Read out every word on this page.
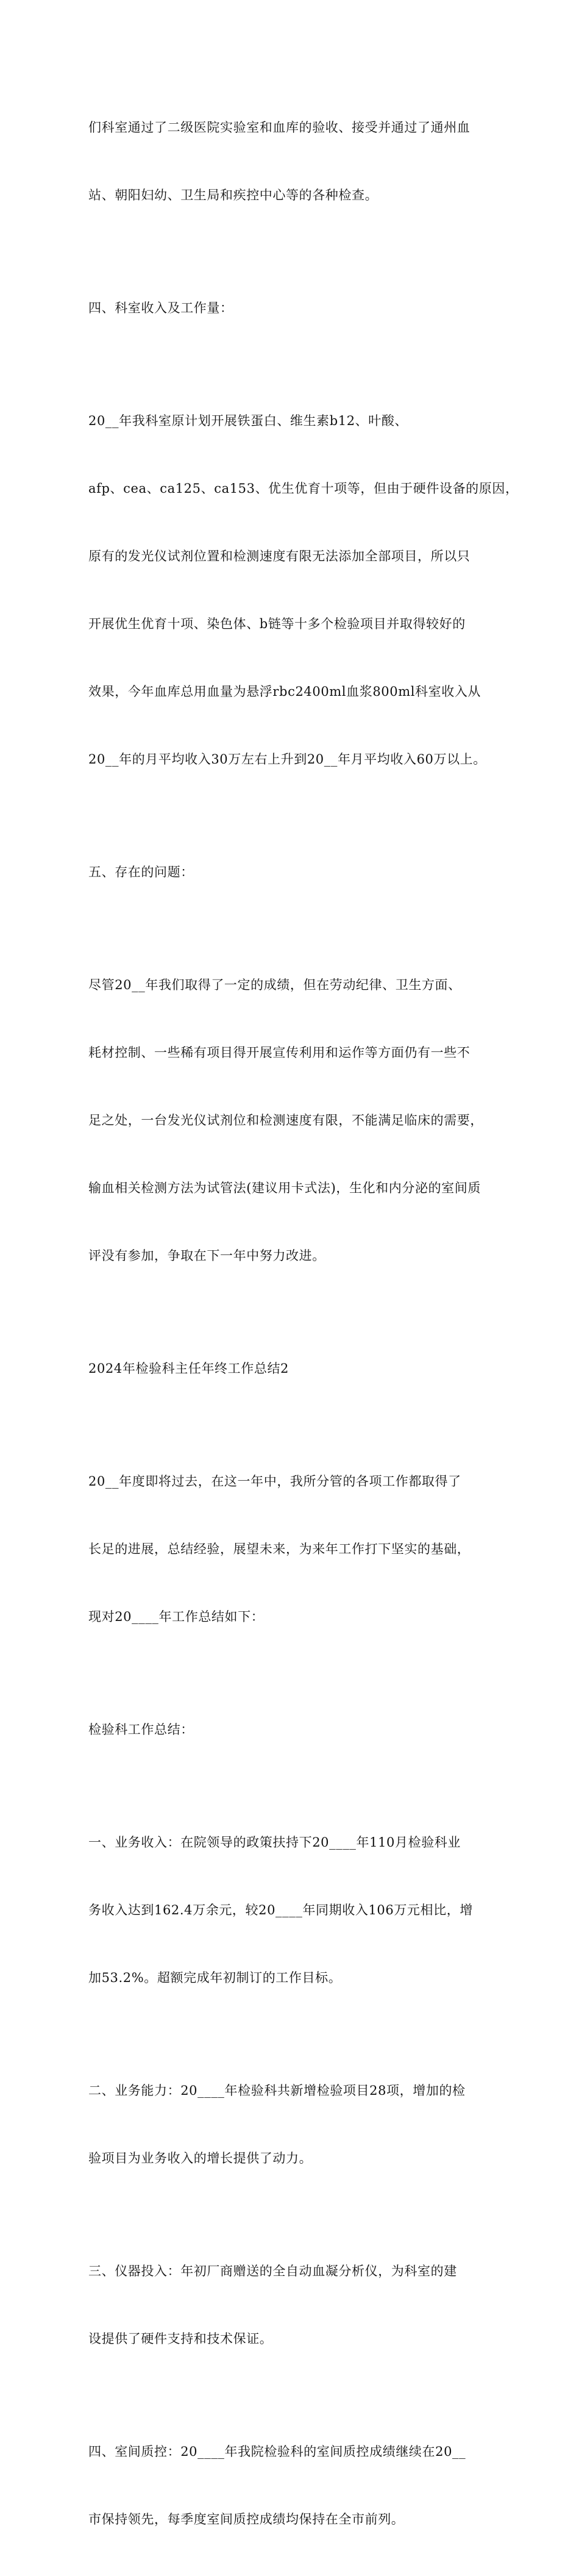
们科室通过了二级医院实验室和血库的验收、接受并通过了通州血

站、朝阳妇幼、卫生局和疾控中心等的各种检查。

四、科室收入及工作量：

20__年我科室原计划开展铁蛋白、维生素b12、叶酸、

afp、cea、ca125、ca153、优生优育十项等，但由于硬件设备的原因，

原有的发光仪试剂位置和检测速度有限无法添加全部项目，所以只

开展优生优育十项、染色体、b链等十多个检验项目并取得较好的

效果，今年血库总用血量为悬浮rbc2400ml血浆800ml科室收入从

20__年的月平均收入30万左右上升到20__年月平均收入60万以上。

五、存在的问题：

尽管20__年我们取得了一定的成绩，但在劳动纪律、卫生方面、

耗材控制、一些稀有项目得开展宣传利用和运作等方面仍有一些不

足之处，一台发光仪试剂位和检测速度有限，不能满足临床的需要，

输血相关检测方法为试管法(建议用卡式法)，生化和内分泌的室间质

评没有参加，争取在下一年中努力改进。

2024年检验科主任年终工作总结2

20__年度即将过去，在这一年中，我所分管的各项工作都取得了

长足的进展，总结经验，展望未来，为来年工作打下坚实的基础，

现对20____年工作总结如下：

检验科工作总结：

一、业务收入：在院领导的政策扶持下20____年110月检验科业

务收入达到162.4万余元，较20____年同期收入106万元相比，增

加53.2%。超额完成年初制订的工作目标。

二、业务能力：20____年检验科共新增检验项目28项，增加的检

验项目为业务收入的增长提供了动力。

三、仪器投入：年初厂商赠送的全自动血凝分析仪，为科室的建

设提供了硬件支持和技术保证。

四、室间质控：20____年我院检验科的室间质控成绩继续在20__

市保持领先，每季度室间质控成绩均保持在全市前列。
